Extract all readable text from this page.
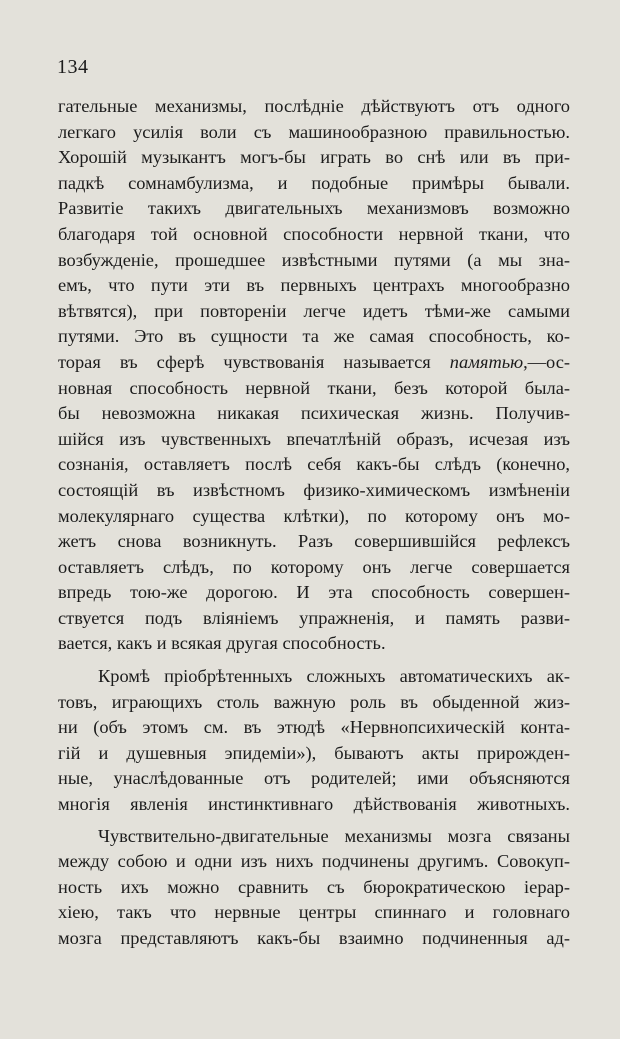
134
гательные механизмы, послѣдніе дѣйствуютъ отъ одного
легкаго усилія воли съ машинообразною правильностью.
Хорошій музыкантъ могъ-бы играть во снѣ или въ при-
падкѣ сомнамбулизма, и подобные примѣры бывали.
Развитіе такихъ двигательныхъ механизмовъ возможно
благодаря той основной способности нервной ткани, что
возбужденіе, прошедшее извѣстными путями (а мы зна-
емъ, что пути эти въ первныхъ центрахъ многообразно
вѣтвятся), при повтореніи легче идетъ тѣми-же самыми
путями. Это въ сущности та же самая способность, ко-
торая въ сферѣ чувствованія называется памятью,—ос-
новная способность нервной ткани, безъ которой была-
бы невозможна никакая психическая жизнь. Получив-
шійся изъ чувственныхъ впечатлѣній образъ, исчезая изъ
сознанія, оставляетъ послѣ себя какъ-бы слѣдъ (конечно,
состоящій въ извѣстномъ физико-химическомъ измѣненіи
молекулярнаго существа клѣтки), по которому онъ мо-
жетъ снова возникнуть. Разъ совершившійся рефлексъ
оставляетъ слѣдъ, по которому онъ легче совершается
впредь тою-же дорогою. И эта способность совершен-
ствуется подъ вліяніемъ упражненія, и память разви-
вается, какъ и всякая другая способность.
Кромѣ пріобрѣтенныхъ сложныхъ автоматическихъ ак-
товъ, играющихъ столь важную роль въ обыденной жиз-
ни (объ этомъ см. въ этюдѣ «Нервнопсихическій конта-
гій и душевныя эпидеміи»), бываютъ акты прирожден-
ные, унаслѣдованные отъ родителей; ими объясняются
многія явленія инстинктивнаго дѣйствованія животныхъ.
Чувствительно-двигательные механизмы мозга связаны
между собою и одни изъ нихъ подчинены другимъ. Совокуп-
ность ихъ можно сравнить съ бюрократическою іерар-
хіею, такъ что нервные центры спиннаго и головнаго
мозга представляютъ какъ-бы взаимно подчиненныя ад-
